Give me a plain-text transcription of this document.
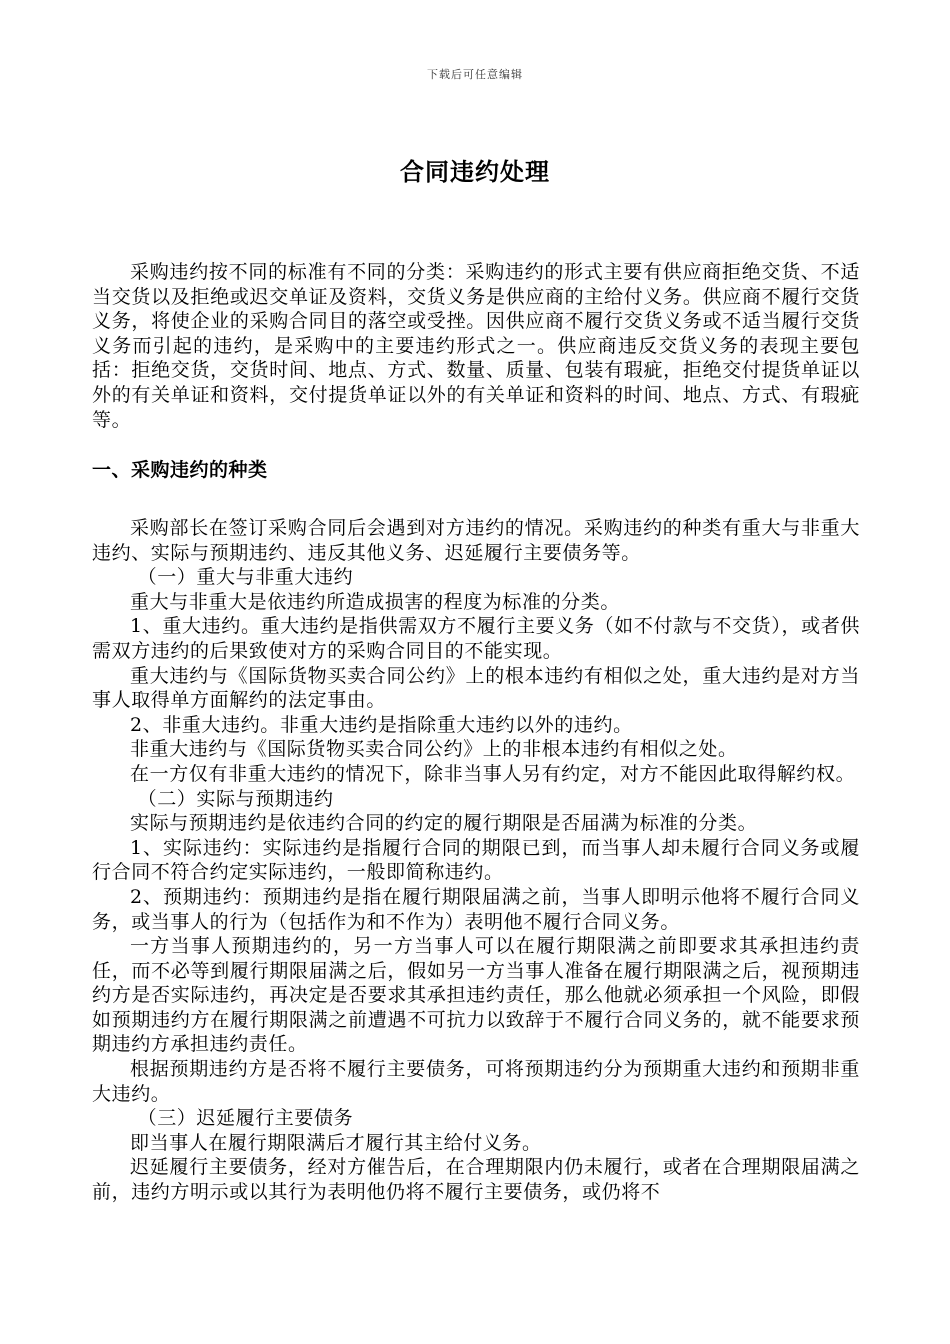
下载后可任意编辑
合同违约处理

采购违约按不同的标准有不同的分类：采购违约的形式主要有供应商拒绝交货、不适当交货以及拒绝或迟交单证及资料，交货义务是供应商的主给付义务。供应商不履行交货义务，将使企业的采购合同目的落空或受挫。因供应商不履行交货义务或不适当履行交货义务而引起的违约，是采购中的主要违约形式之一。供应商违反交货义务的表现主要包括：拒绝交货，交货时间、地点、方式、数量、质量、包装有瑕疵，拒绝交付提货单证以外的有关单证和资料，交付提货单证以外的有关单证和资料的时间、地点、方式、有瑕疵等。

一、采购违约的种类

采购部长在签订采购合同后会遇到对方违约的情况。采购违约的种类有重大与非重大违约、实际与预期违约、违反其他义务、迟延履行主要债务等。

（一）重大与非重大违约

重大与非重大是依违约所造成损害的程度为标准的分类。

1、重大违约。重大违约是指供需双方不履行主要义务（如不付款与不交货），或者供需双方违约的后果致使对方的采购合同目的不能实现。

重大违约与《国际货物买卖合同公约》上的根本违约有相似之处，重大违约是对方当事人取得单方面解约的法定事由。

2、非重大违约。非重大违约是指除重大违约以外的违约。

非重大违约与《国际货物买卖合同公约》上的非根本违约有相似之处。

在一方仅有非重大违约的情况下，除非当事人另有约定，对方不能因此取得解约权。

（二）实际与预期违约

实际与预期违约是依违约合同的约定的履行期限是否届满为标准的分类。

1、实际违约：实际违约是指履行合同的期限已到，而当事人却未履行合同义务或履行合同不符合约定实际违约，一般即简称违约。

2、预期违约：预期违约是指在履行期限届满之前，当事人即明示他将不履行合同义务，或当事人的行为（包括作为和不作为）表明他不履行合同义务。

一方当事人预期违约的，另一方当事人可以在履行期限满之前即要求其承担违约责任，而不必等到履行期限届满之后，假如另一方当事人准备在履行期限满之后，视预期违约方是否实际违约，再决定是否要求其承担违约责任，那么他就必须承担一个风险，即假如预期违约方在履行期限满之前遭遇不可抗力以致辞于不履行合同义务的，就不能要求预期违约方承担违约责任。

根据预期违约方是否将不履行主要债务，可将预期违约分为预期重大违约和预期非重大违约。

（三）迟延履行主要债务

即当事人在履行期限满后才履行其主给付义务。

迟延履行主要债务，经对方催告后，在合理期限内仍未履行，或者在合理期限届满之前，违约方明示或以其行为表明他仍将不履行主要债务，或仍将不
